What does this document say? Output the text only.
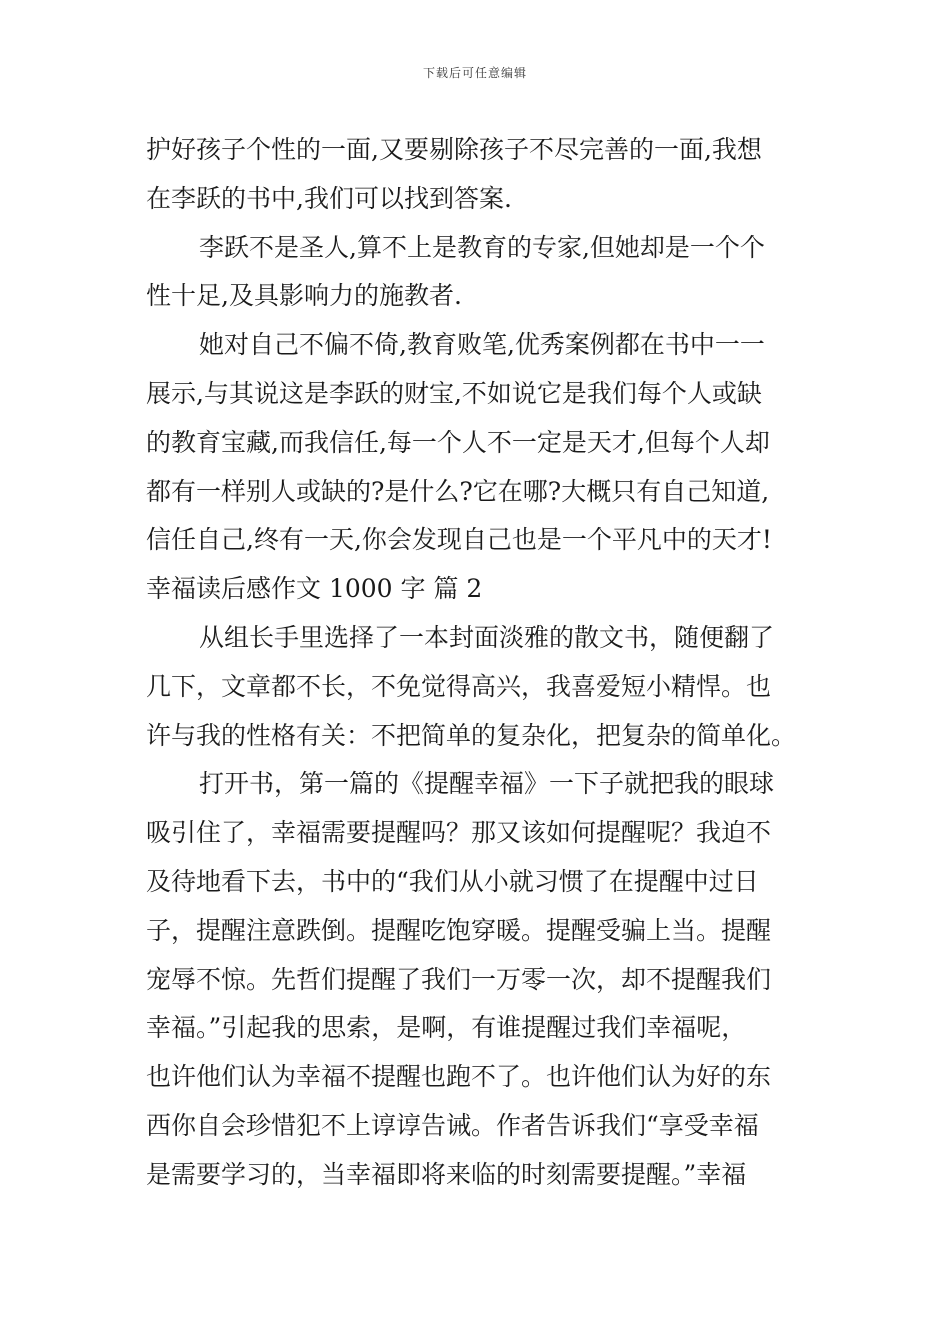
下载后可任意编辑
护好孩子个性的一面,又要剔除孩子不尽完善的一面,我想
在李跃的书中,我们可以找到答案.
李跃不是圣人,算不上是教育的专家,但她却是一个个
性十足,及具影响力的施教者.
她对自己不偏不倚,教育败笔,优秀案例都在书中一一
展示,与其说这是李跃的财宝,不如说它是我们每个人或缺
的教育宝藏,而我信任,每一个人不一定是天才,但每个人却
都有一样别人或缺的?是什么?它在哪?大概只有自己知道,
信任自己,终有一天,你会发现自己也是一个平凡中的天才!
幸福读后感作文 1000 字 篇 2
从组长手里选择了一本封面淡雅的散文书，随便翻了
几下，文章都不长，不免觉得高兴，我喜爱短小精悍。也
许与我的性格有关：不把简单的复杂化，把复杂的简单化。
打开书，第一篇的《提醒幸福》一下子就把我的眼球
吸引住了，幸福需要提醒吗？那又该如何提醒呢？我迫不
及待地看下去，书中的“我们从小就习惯了在提醒中过日
子，提醒注意跌倒。提醒吃饱穿暖。提醒受骗上当。提醒
宠辱不惊。先哲们提醒了我们一万零一次，却不提醒我们
幸福。”引起我的思索，是啊，有谁提醒过我们幸福呢，
也许他们认为幸福不提醒也跑不了。也许他们认为好的东
西你自会珍惜犯不上谆谆告诫。作者告诉我们“享受幸福
是需要学习的，当幸福即将来临的时刻需要提醒。”幸福
